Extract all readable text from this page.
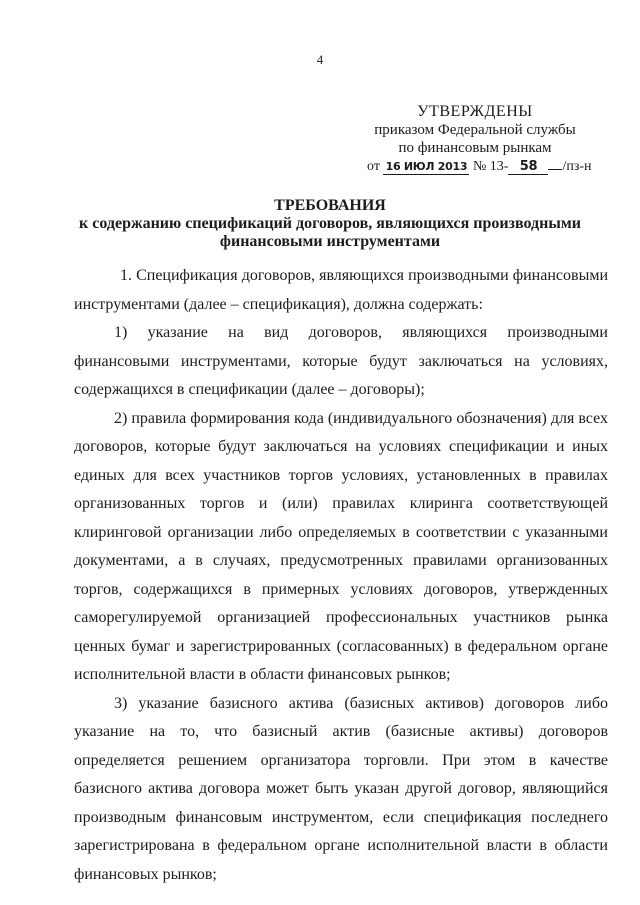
4
УТВЕРЖДЕНЫ
приказом Федеральной службы
по финансовым рынкам
от 16 ИЮЛ 2013 № 13- 58 /пз-н
ТРЕБОВАНИЯ
к содержанию спецификаций договоров, являющихся производными
финансовыми инструментами

1. Спецификация договоров, являющихся производными финансовыми инструментами (далее – спецификация), должна содержать:

1) указание на вид договоров, являющихся производными финансовыми инструментами, которые будут заключаться на условиях, содержащихся в спецификации (далее – договоры);

2) правила формирования кода (индивидуального обозначения) для всех договоров, которые будут заключаться на условиях спецификации и иных единых для всех участников торгов условиях, установленных в правилах организованных торгов и (или) правилах клиринга соответствующей клиринговой организации либо определяемых в соответствии с указанными документами, а в случаях, предусмотренных правилами организованных торгов, содержащихся в примерных условиях договоров, утвержденных саморегулируемой организацией профессиональных участников рынка ценных бумаг и зарегистрированных (согласованных) в федеральном органе исполнительной власти в области финансовых рынков;

3) указание базисного актива (базисных активов) договоров либо указание на то, что базисный актив (базисные активы) договоров определяется решением организатора торговли. При этом в качестве базисного актива договора может быть указан другой договор, являющийся производным финансовым инструментом, если спецификация последнего зарегистрирована в федеральном органе исполнительной власти в области финансовых рынков;
